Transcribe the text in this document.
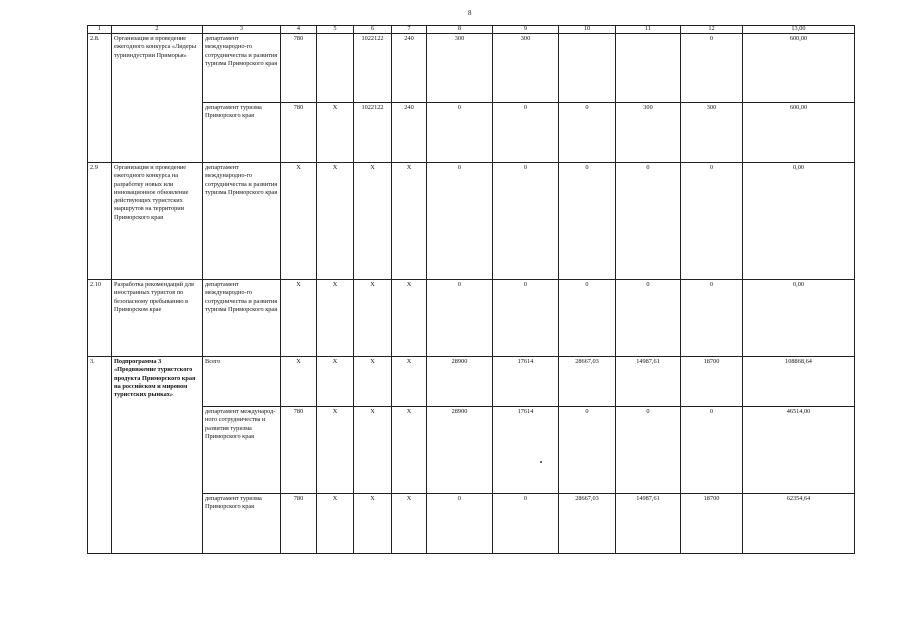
8
1	2	3	4	5	6	7	8	9	10	11	12	13,00
2.8.	Организация и проведение ежегодного конкурса «Лидеры турииндустрии Приморья»	департамент международно-го сотрудничества и развития туризма Приморского края	780		1022122	240	300	300			0	600,00
		департамент туризма Приморского края	780	X	1022122	240	0	0	0	300	300	600,00
2.9	Организация и проведение ежегодного конкурса на разработку новых или инновационное обновление действующих туристских маршрутов на территории Приморского края	департамент международно-го сотрудничества и развития туризма Приморского края	X	X	X	X	0	0	0	0	0	0,00
2.10	Разработка рекомендаций для иностранных туристов по безопасному пребыванию в Приморском крае	департамент международно-го сотрудничества и развития туризма Приморского края	X	X	X	X	0	0	0	0	0	0,00
3.	Подпрограмма 3 «Продвижение туристского продукта Приморского края на российском и мировом туристских рынках»	Всего	X	X	X	X	28900	17614	28667,03	14987,61	18700	108868,64
		департамент международ-ного сотрудничества и развития туризма Приморского края	780	X	X	X	28900	17614	0	0	0	46514,00
		департамент туризма Приморского края	780	X	X	X	0	0	28667,03	14987,61	18700	62354,64
